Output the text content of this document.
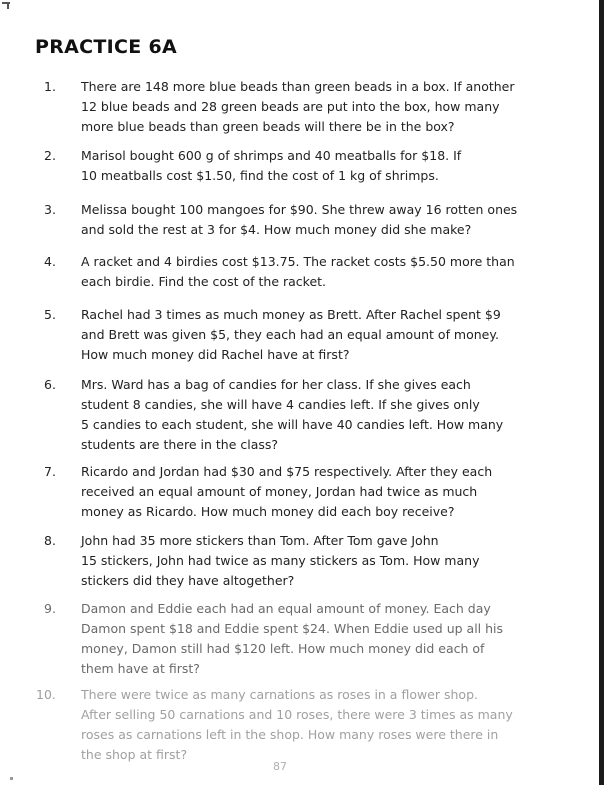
PRACTICE 6A
1. There are 148 more blue beads than green beads in a box. If another
12 blue beads and 28 green beads are put into the box, how many
more blue beads than green beads will there be in the box?
2. Marisol bought 600 g of shrimps and 40 meatballs for $18. If
10 meatballs cost $1.50, find the cost of 1 kg of shrimps.
3. Melissa bought 100 mangoes for $90. She threw away 16 rotten ones
and sold the rest at 3 for $4. How much money did she make?
4. A racket and 4 birdies cost $13.75. The racket costs $5.50 more than
each birdie. Find the cost of the racket.
5. Rachel had 3 times as much money as Brett. After Rachel spent $9
and Brett was given $5, they each had an equal amount of money.
How much money did Rachel have at first?
6. Mrs. Ward has a bag of candies for her class. If she gives each
student 8 candies, she will have 4 candies left. If she gives only
5 candies to each student, she will have 40 candies left. How many
students are there in the class?
7. Ricardo and Jordan had $30 and $75 respectively. After they each
received an equal amount of money, Jordan had twice as much
money as Ricardo. How much money did each boy receive?
8. John had 35 more stickers than Tom. After Tom gave John
15 stickers, John had twice as many stickers as Tom. How many
stickers did they have altogether?
9. Damon and Eddie each had an equal amount of money. Each day
Damon spent $18 and Eddie spent $24. When Eddie used up all his
money, Damon still had $120 left. How much money did each of
them have at first?
10. There were twice as many carnations as roses in a flower shop.
After selling 50 carnations and 10 roses, there were 3 times as many
roses as carnations left in the shop. How many roses were there in
the shop at first?
87
